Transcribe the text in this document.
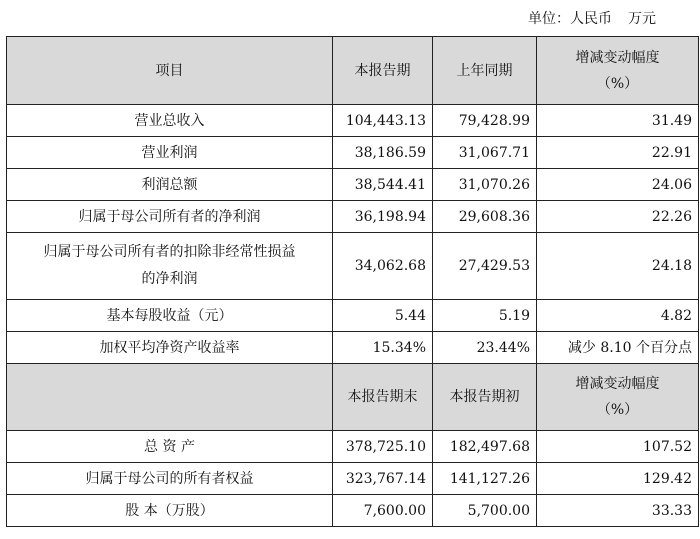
单位：人民币 万元
项目	本报告期	上年同期	增减变动幅度
（%）

营业总收入	104,443.13	79,428.99	31.49
营业利润	38,186.59	31,067.71	22.91
利润总额	38,544.41	31,070.26	24.06
归属于母公司所有者的净利润	36,198.94	29,608.36	22.26

归属于母公司所有者的扣除非经常性损益
的净利润	34,062.68	27,429.53	24.18
基本每股收益（元）	5.44	5.19	4.82
加权平均净资产收益率	15.34%	23.44%	减少 8.10 个百分点
	本报告期末	本报告期初	增减变动幅度
（%）

总 资 产	378,725.10	182,497.68	107.52
归属于母公司的所有者权益	323,767.14	141,127.26	129.42
股 本（万股）	7,600.00	5,700.00	33.33
